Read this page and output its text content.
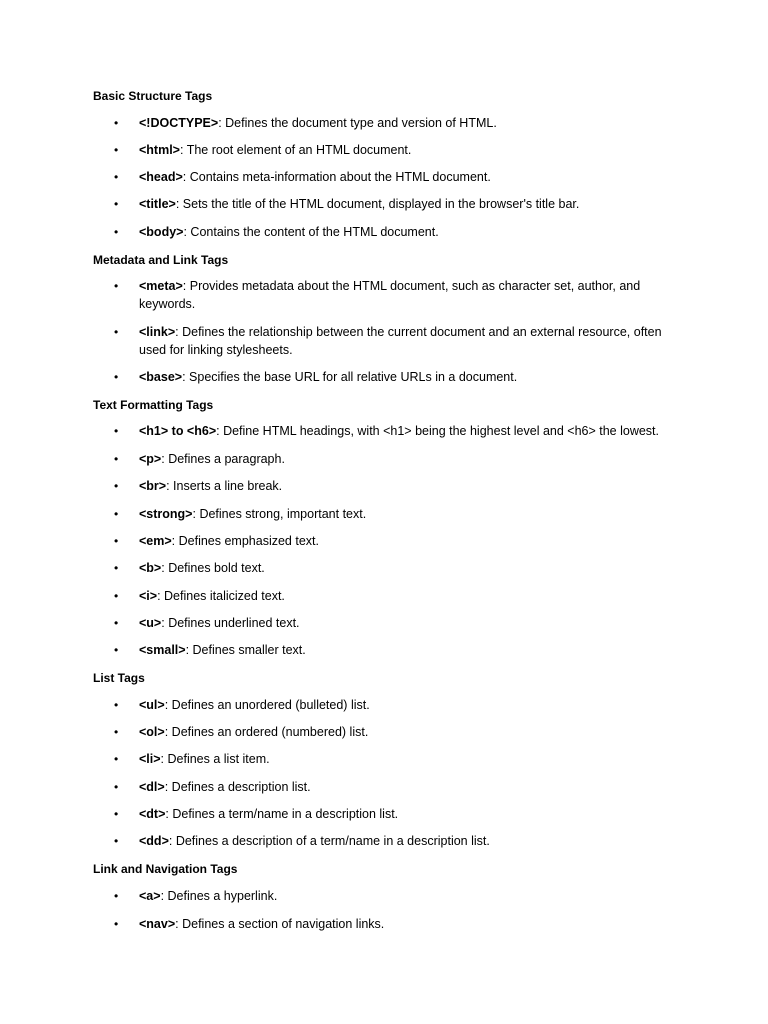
Basic Structure Tags
• <!DOCTYPE>: Defines the document type and version of HTML.
• <html>: The root element of an HTML document.
• <head>: Contains meta-information about the HTML document.
• <title>: Sets the title of the HTML document, displayed in the browser's title bar.
• <body>: Contains the content of the HTML document.
Metadata and Link Tags
• <meta>: Provides metadata about the HTML document, such as character set, author, and keywords.
• <link>: Defines the relationship between the current document and an external resource, often used for linking stylesheets.
• <base>: Specifies the base URL for all relative URLs in a document.
Text Formatting Tags
• <h1> to <h6>: Define HTML headings, with <h1> being the highest level and <h6> the lowest.
• <p>: Defines a paragraph.
• <br>: Inserts a line break.
• <strong>: Defines strong, important text.
• <em>: Defines emphasized text.
• <b>: Defines bold text.
• <i>: Defines italicized text.
• <u>: Defines underlined text.
• <small>: Defines smaller text.
List Tags
• <ul>: Defines an unordered (bulleted) list.
• <ol>: Defines an ordered (numbered) list.
• <li>: Defines a list item.
• <dl>: Defines a description list.
• <dt>: Defines a term/name in a description list.
• <dd>: Defines a description of a term/name in a description list.
Link and Navigation Tags
• <a>: Defines a hyperlink.
• <nav>: Defines a section of navigation links.
